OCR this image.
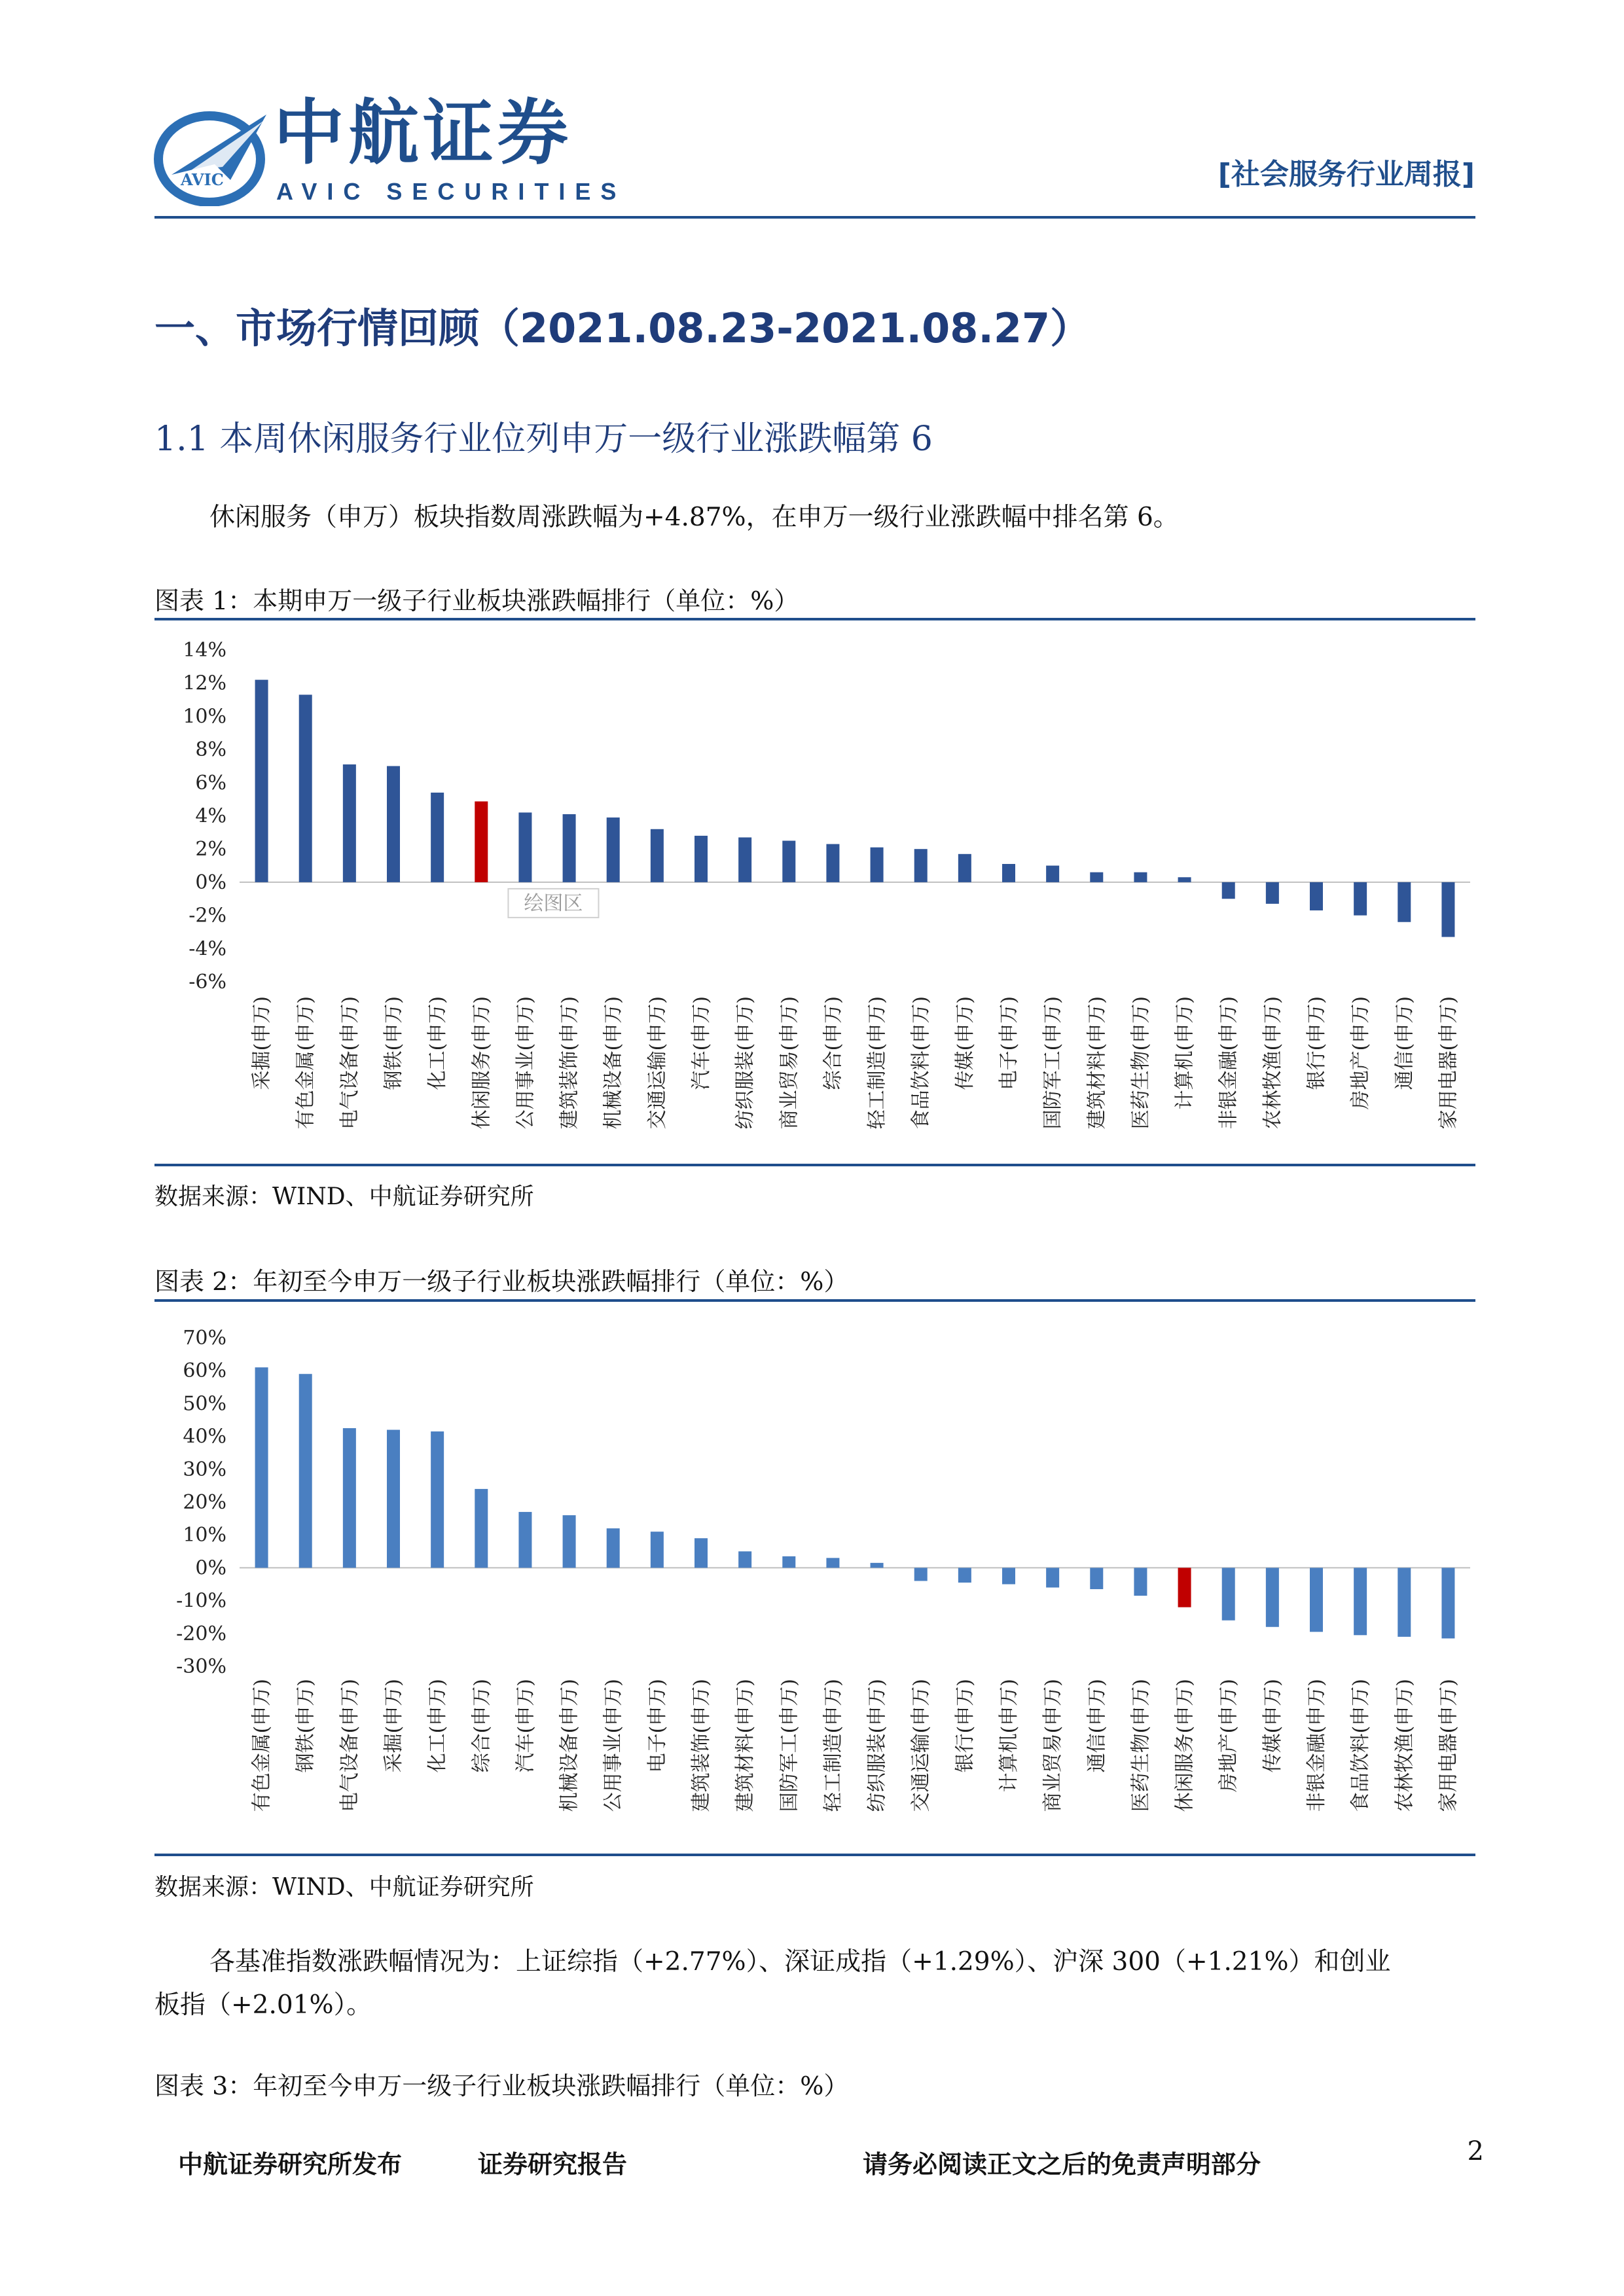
AVIC
中航证券
AVIC SECURITIES
[社会服务行业周报]
一、市场行情回顾（2021.08.23-2021.08.27）
1.1 本周休闲服务行业位列申万一级行业涨跌幅第 6
休闲服务（申万）板块指数周涨跌幅为+4.87%，在申万一级行业涨跌幅中排名第 6。
图表 1：本期申万一级子行业板块涨跌幅排行（单位：%）
14%
12%
10%
8%
6%
4%
2%
0%
-2%
-4%
-6%
采掘(申万) 有色金属(申万) 电气设备(申万) 钢铁(申万) 化工(申万) 休闲服务(申万) 公用事业(申万) 建筑装饰(申万) 机械设备(申万) 交通运输(申万) 汽车(申万) 纺织服装(申万) 商业贸易(申万) 综合(申万) 轻工制造(申万) 食品饮料(申万) 传媒(申万) 电子(申万) 国防军工(申万) 建筑材料(申万) 医药生物(申万) 计算机(申万) 非银金融(申万) 农林牧渔(申万) 银行(申万) 房地产(申万) 通信(申万) 家用电器(申万)
绘图区
数据来源：WIND、中航证券研究所
图表 2：年初至今申万一级子行业板块涨跌幅排行（单位：%）
70%
60%
50%
40%
30%
20%
10%
0%
-10%
-20%
-30%
有色金属(申万) 钢铁(申万) 电气设备(申万) 采掘(申万) 化工(申万) 综合(申万) 汽车(申万) 机械设备(申万) 公用事业(申万) 电子(申万) 建筑装饰(申万) 建筑材料(申万) 国防军工(申万) 轻工制造(申万) 纺织服装(申万) 交通运输(申万) 银行(申万) 计算机(申万) 商业贸易(申万) 通信(申万) 医药生物(申万) 休闲服务(申万) 房地产(申万) 传媒(申万) 非银金融(申万) 食品饮料(申万) 农林牧渔(申万) 家用电器(申万)
数据来源：WIND、中航证券研究所
各基准指数涨跌幅情况为：上证综指（+2.77%）、深证成指（+1.29%）、沪深 300（+1.21%）和创业
板指（+2.01%）。
图表 3：年初至今申万一级子行业板块涨跌幅排行（单位：%）
中航证券研究所发布	证券研究报告	请务必阅读正文之后的免责声明部分	2
